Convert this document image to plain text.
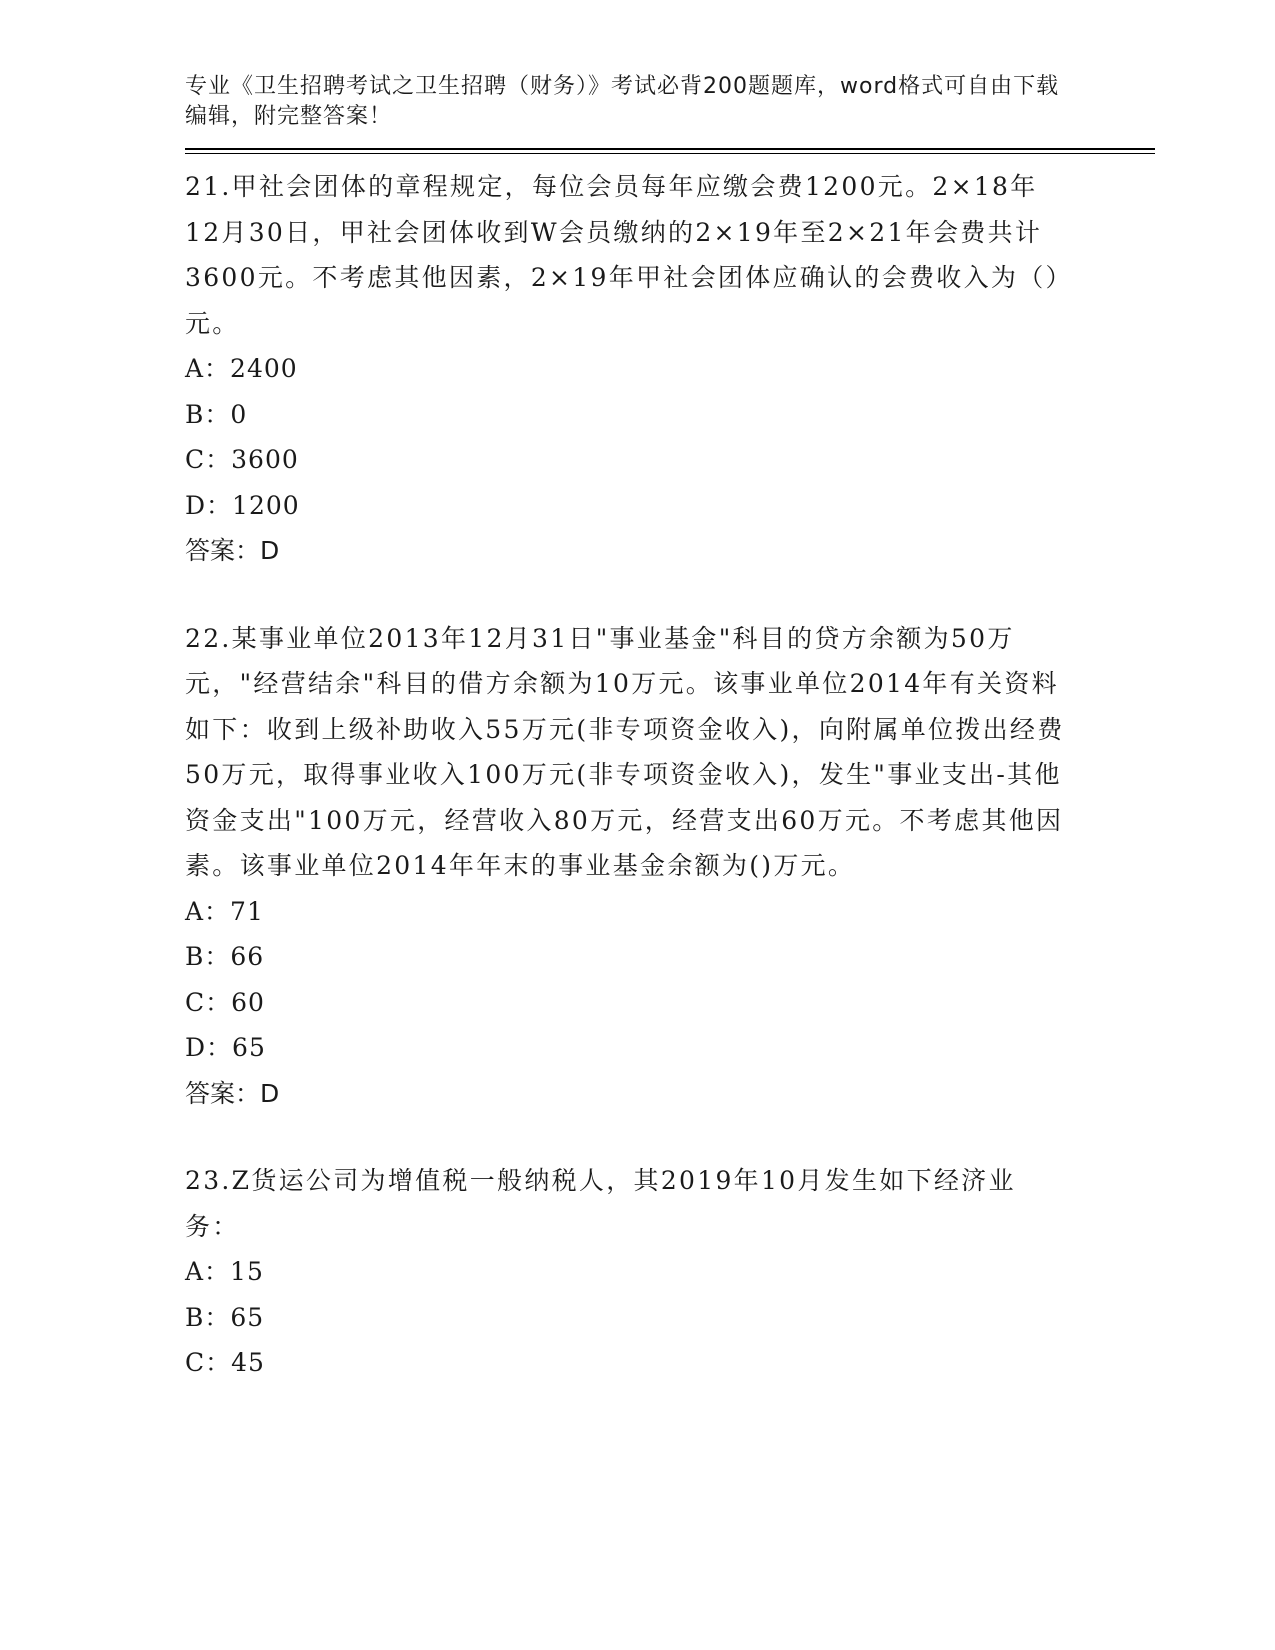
专业《卫生招聘考试之卫生招聘（财务）》考试必背200题题库，word格式可自由下载编辑，附完整答案！

21.甲社会团体的章程规定，每位会员每年应缴会费1200元。2×18年12月30日，甲社会团体收到W会员缴纳的2×19年至2×21年会费共计3600元。不考虑其他因素，2×19年甲社会团体应确认的会费收入为（）元。

A：2400

B：0

C：3600

D：1200

答案：D

22.某事业单位2013年12月31日"事业基金"科目的贷方余额为50万元，"经营结余"科目的借方余额为10万元。该事业单位2014年有关资料如下：收到上级补助收入55万元(非专项资金收入)，向附属单位拨出经费50万元，取得事业收入100万元(非专项资金收入)，发生"事业支出-其他资金支出"100万元，经营收入80万元，经营支出60万元。不考虑其他因素。该事业单位2014年年末的事业基金余额为()万元。

A：71

B：66

C：60

D：65

答案：D

23.Z货运公司为增值税一般纳税人，其2019年10月发生如下经济业务：

A：15

B：65

C：45
